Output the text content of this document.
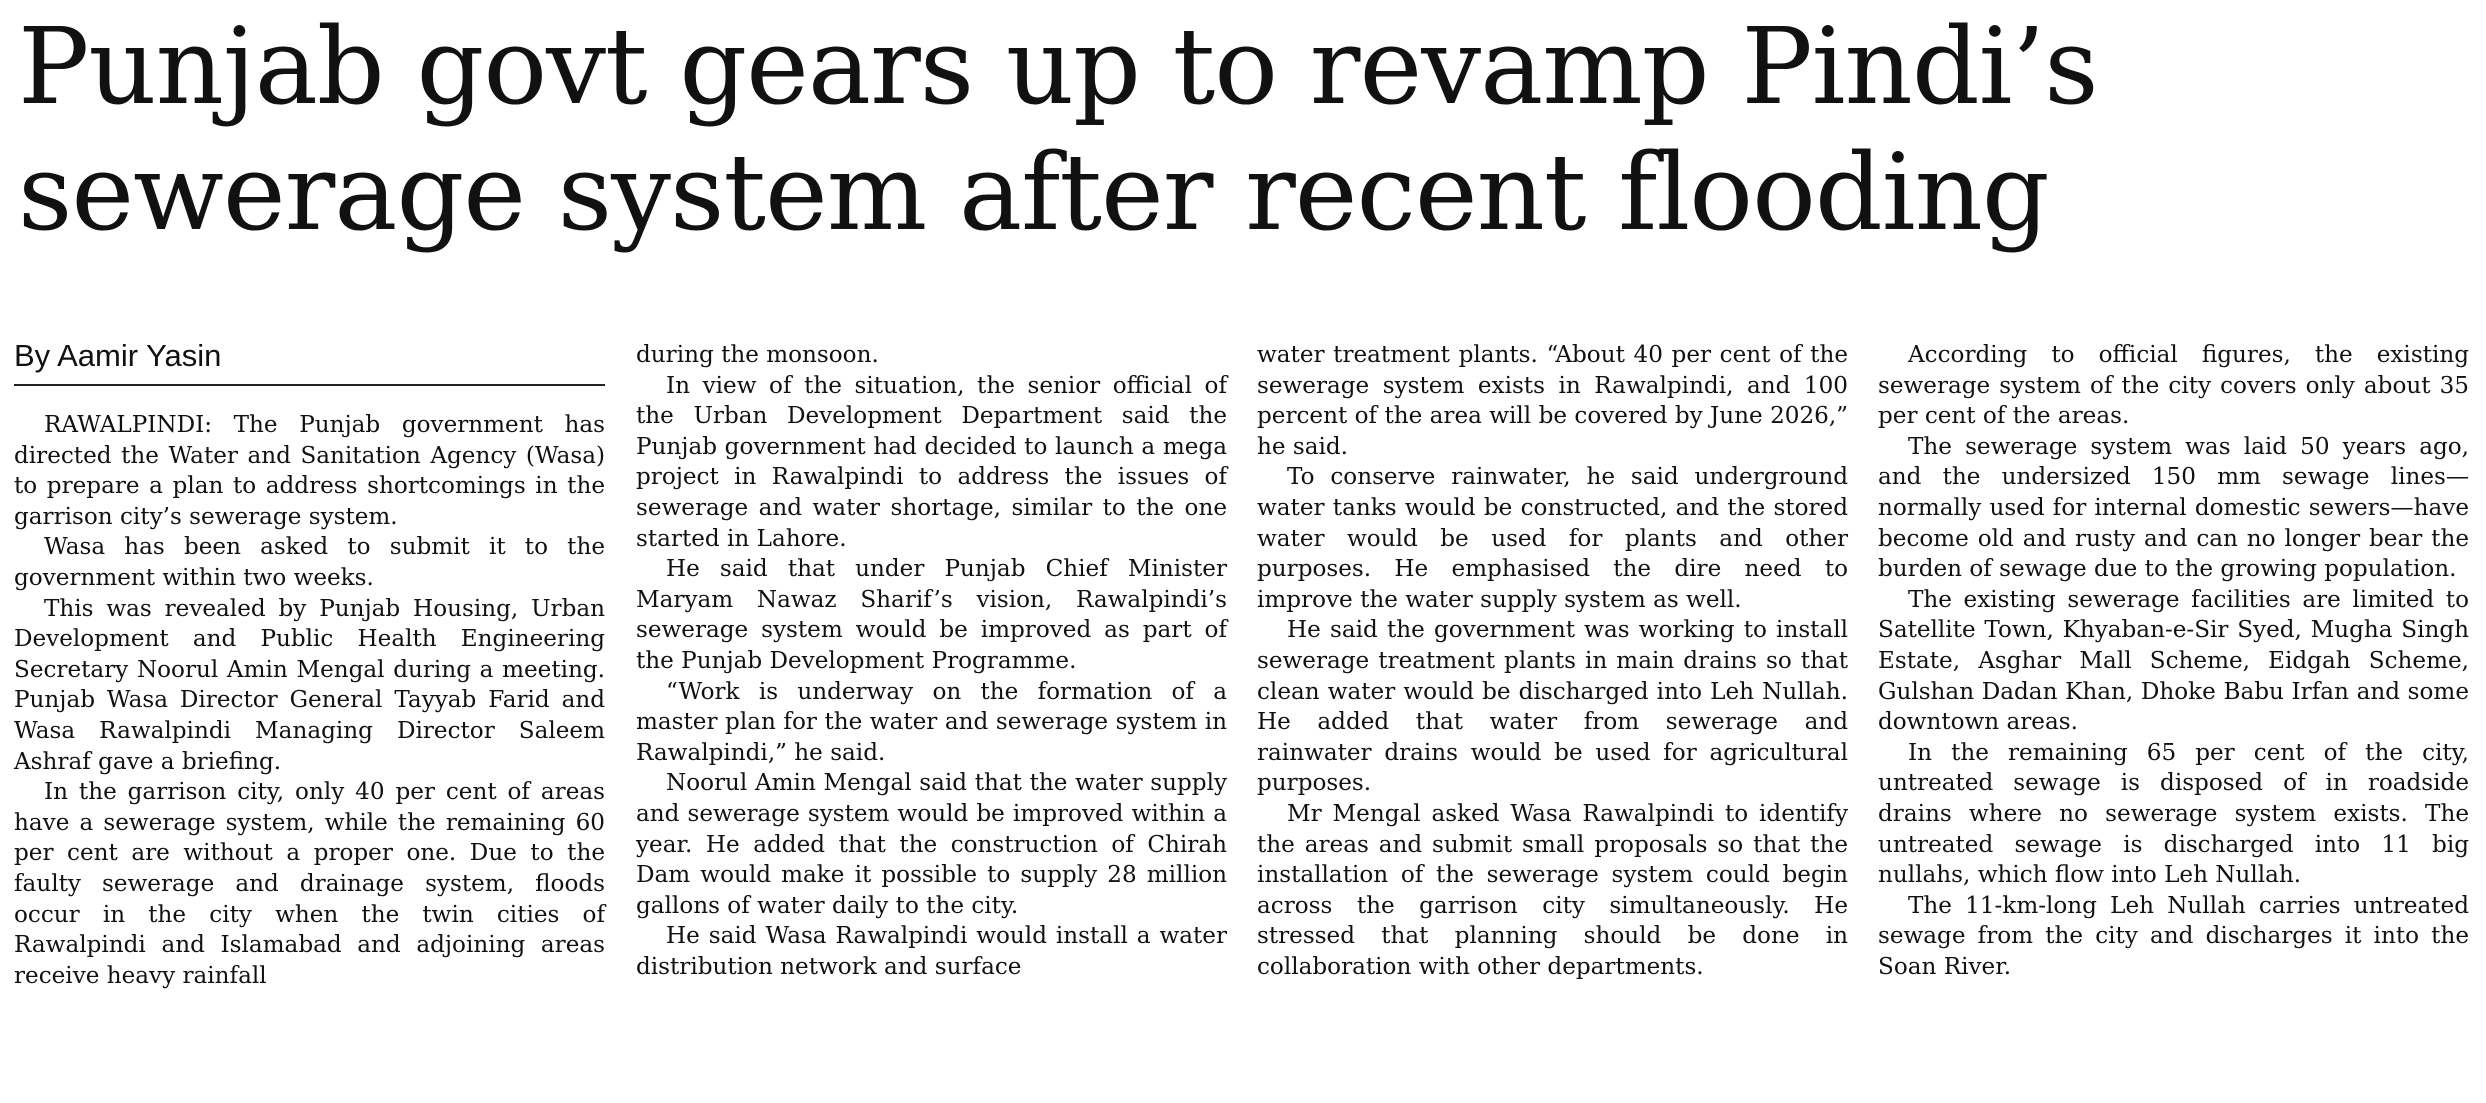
Punjab govt gears up to revamp Pindi’s
sewerage system after recent flooding
By Aamir Yasin

RAWALPINDI: The Punjab government has directed the Water and Sanitation Agency (Wasa) to prepare a plan to address shortcomings in the garrison city’s sewerage system.

Wasa has been asked to submit it to the government within two weeks.

This was revealed by Punjab Housing, Urban Development and Public Health Engineering Secretary Noorul Amin Mengal during a meeting. Punjab Wasa Director General Tayyab Farid and Wasa Rawalpindi Managing Director Saleem Ashraf gave a briefing.

In the garrison city, only 40 per cent of areas have a sewerage system, while the remaining 60 per cent are without a proper one. Due to the faulty sewerage and drainage system, floods occur in the city when the twin cities of Rawalpindi and Islamabad and adjoining areas receive heavy rainfall

during the monsoon.

In view of the situation, the senior official of the Urban Development Department said the Punjab government had decided to launch a mega project in Rawalpindi to address the issues of sewerage and water shortage, similar to the one started in Lahore.

He said that under Punjab Chief Minister Maryam Nawaz Sharif’s vision, Rawalpindi’s sewerage system would be improved as part of the Punjab Development Programme.

“Work is underway on the formation of a master plan for the water and sewerage system in Rawalpindi,” he said.

Noorul Amin Mengal said that the water supply and sewerage system would be improved within a year. He added that the construction of Chirah Dam would make it possible to supply 28 million gallons of water daily to the city.

He said Wasa Rawalpindi would install a water distribution network and surface

water treatment plants. “About 40 per cent of the sewerage system exists in Rawalpindi, and 100 percent of the area will be covered by June 2026,” he said.

To conserve rainwater, he said underground water tanks would be constructed, and the stored water would be used for plants and other purposes. He emphasised the dire need to improve the water supply system as well.

He said the government was working to install sewerage treatment plants in main drains so that clean water would be discharged into Leh Nullah. He added that water from sewerage and rainwater drains would be used for agricultural purposes.

Mr Mengal asked Wasa Rawalpindi to identify the areas and submit small proposals so that the installation of the sewerage system could begin across the garrison city simultaneously. He stressed that planning should be done in collaboration with other departments.

According to official figures, the existing sewerage system of the city covers only about 35 per cent of the areas.

The sewerage system was laid 50 years ago, and the undersized 150 mm sewage lines—normally used for internal domestic sewers—have become old and rusty and can no longer bear the burden of sewage due to the growing population.

The existing sewerage facilities are limited to Satellite Town, Khyaban-e-Sir Syed, Mugha Singh Estate, Asghar Mall Scheme, Eidgah Scheme, Gulshan Dadan Khan, Dhoke Babu Irfan and some downtown areas.

In the remaining 65 per cent of the city, untreated sewage is disposed of in roadside drains where no sewerage system exists. The untreated sewage is discharged into 11 big nullahs, which flow into Leh Nullah.

The 11-km-long Leh Nullah carries untreated sewage from the city and discharges it into the Soan River.
